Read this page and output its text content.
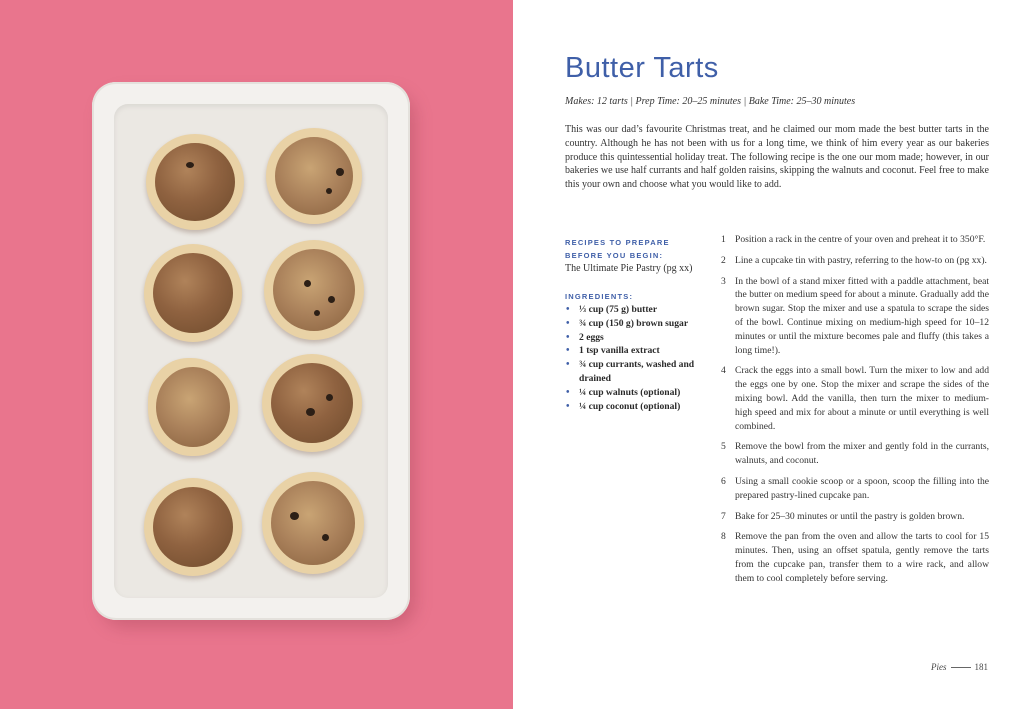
Butter Tarts
Makes: 12 tarts | Prep Time: 20–25 minutes | Bake Time: 25–30 minutes
This was our dad’s favourite Christmas treat, and he claimed our mom made the best butter tarts in the country. Although he has not been with us for a long time, we think of him every year as our bakeries produce this quintessential holiday treat. The following recipe is the one our mom made; however, in our bakeries we use half currants and half golden raisins, skipping the walnuts and coconut. Feel free to make this your own and choose what you would like to add.
RECIPES TO PREPARE BEFORE YOU BEGIN:
The Ultimate Pie Pastry (pg xx)
INGREDIENTS:
• ⅓ cup (75 g) butter
• ¾ cup (150 g) brown sugar
• 2 eggs
• 1 tsp vanilla extract
• ¾ cup currants, washed and drained
• ¼ cup walnuts (optional)
• ¼ cup coconut (optional)
1 Position a rack in the centre of your oven and preheat it to 350°F.
2 Line a cupcake tin with pastry, referring to the how-to on (pg xx).
3 In the bowl of a stand mixer fitted with a paddle attachment, beat the butter on medium speed for about a minute. Gradually add the brown sugar. Stop the mixer and use a spatula to scrape the sides of the bowl. Continue mixing on medium-high speed for 10–12 minutes or until the mixture becomes pale and fluffy (this takes a long time!).
4 Crack the eggs into a small bowl. Turn the mixer to low and add the eggs one by one. Stop the mixer and scrape the sides of the mixing bowl. Add the vanilla, then turn the mixer to medium-high speed and mix for about a minute or until everything is well combined.
5 Remove the bowl from the mixer and gently fold in the currants, walnuts, and coconut.
6 Using a small cookie scoop or a spoon, scoop the filling into the prepared pastry-lined cupcake pan.
7 Bake for 25–30 minutes or until the pastry is golden brown.
8 Remove the pan from the oven and allow the tarts to cool for 15 minutes. Then, using an offset spatula, gently remove the tarts from the cupcake pan, transfer them to a wire rack, and allow them to cool completely before serving.
Pies	181
